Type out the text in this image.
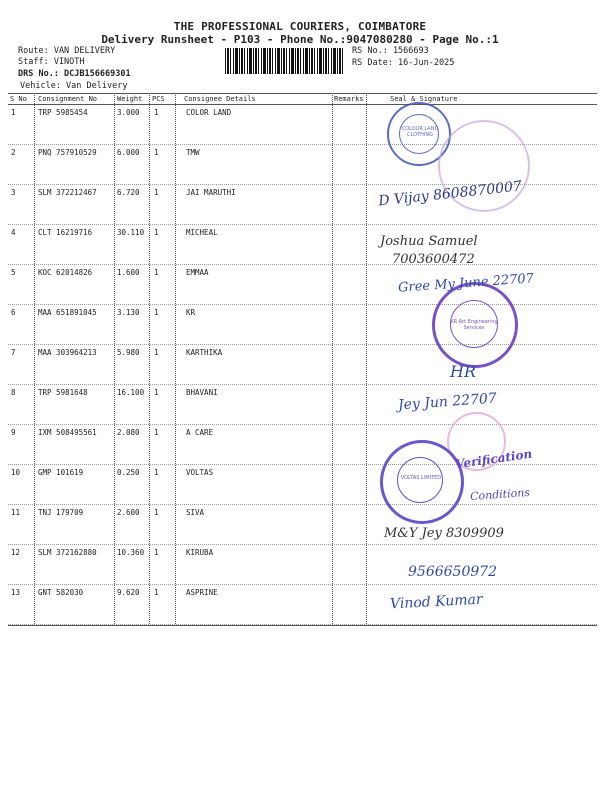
THE PROFESSIONAL COURIERS, COIMBATORE
Delivery Runsheet - P103 - Phone No.:9047080280 - Page No.:1
Route: VAN DELIVERY
Staff: VINOTH
DRS No.: DCJB156669301
Vehicle: Van Delivery
RS No.: 1566693
RS Date: 16-Jun-2025
S No Consignment No	Weight PCS	Consignee Details	Remarks	Seal & Signature
1	TRP 5985454	3.000 1	COLOR LAND
2	PNQ 757910529	6.000 1	TMW
3	SLM 372212467	6.720 1	JAI MARUTHI
4	CLT 16219716	30.110 1	MICHEAL
5	KOC 62014826	1.600 1	EMMAA
6	MAA 651891045	3.130 1	KR
7	MAA 303964213	5.980 1	KARTHIKA
8	TRP 5981648	16.100 1	BHAVANI
9	IXM 508495561	2.080 1	A CARE
10 GMP 101619	0.250 1	VOLTAS
11 TNJ 179709	2.600 1	SIVA
12 SLM 372162880	10.360 1	KIRUBA
13 GNT 582030	9.620 1	ASPRINE
COLOUR LAND CLOTHING
KR Art Engineering Services
VOLTAS LIMITED
D Vijay 8608870007
Joshua Samuel
7003600472
Gree My June 22707
HR
Jey Jun 22707
Verification
Conditions
M&Y Jey 8309909
9566650972
Vinod Kumar
